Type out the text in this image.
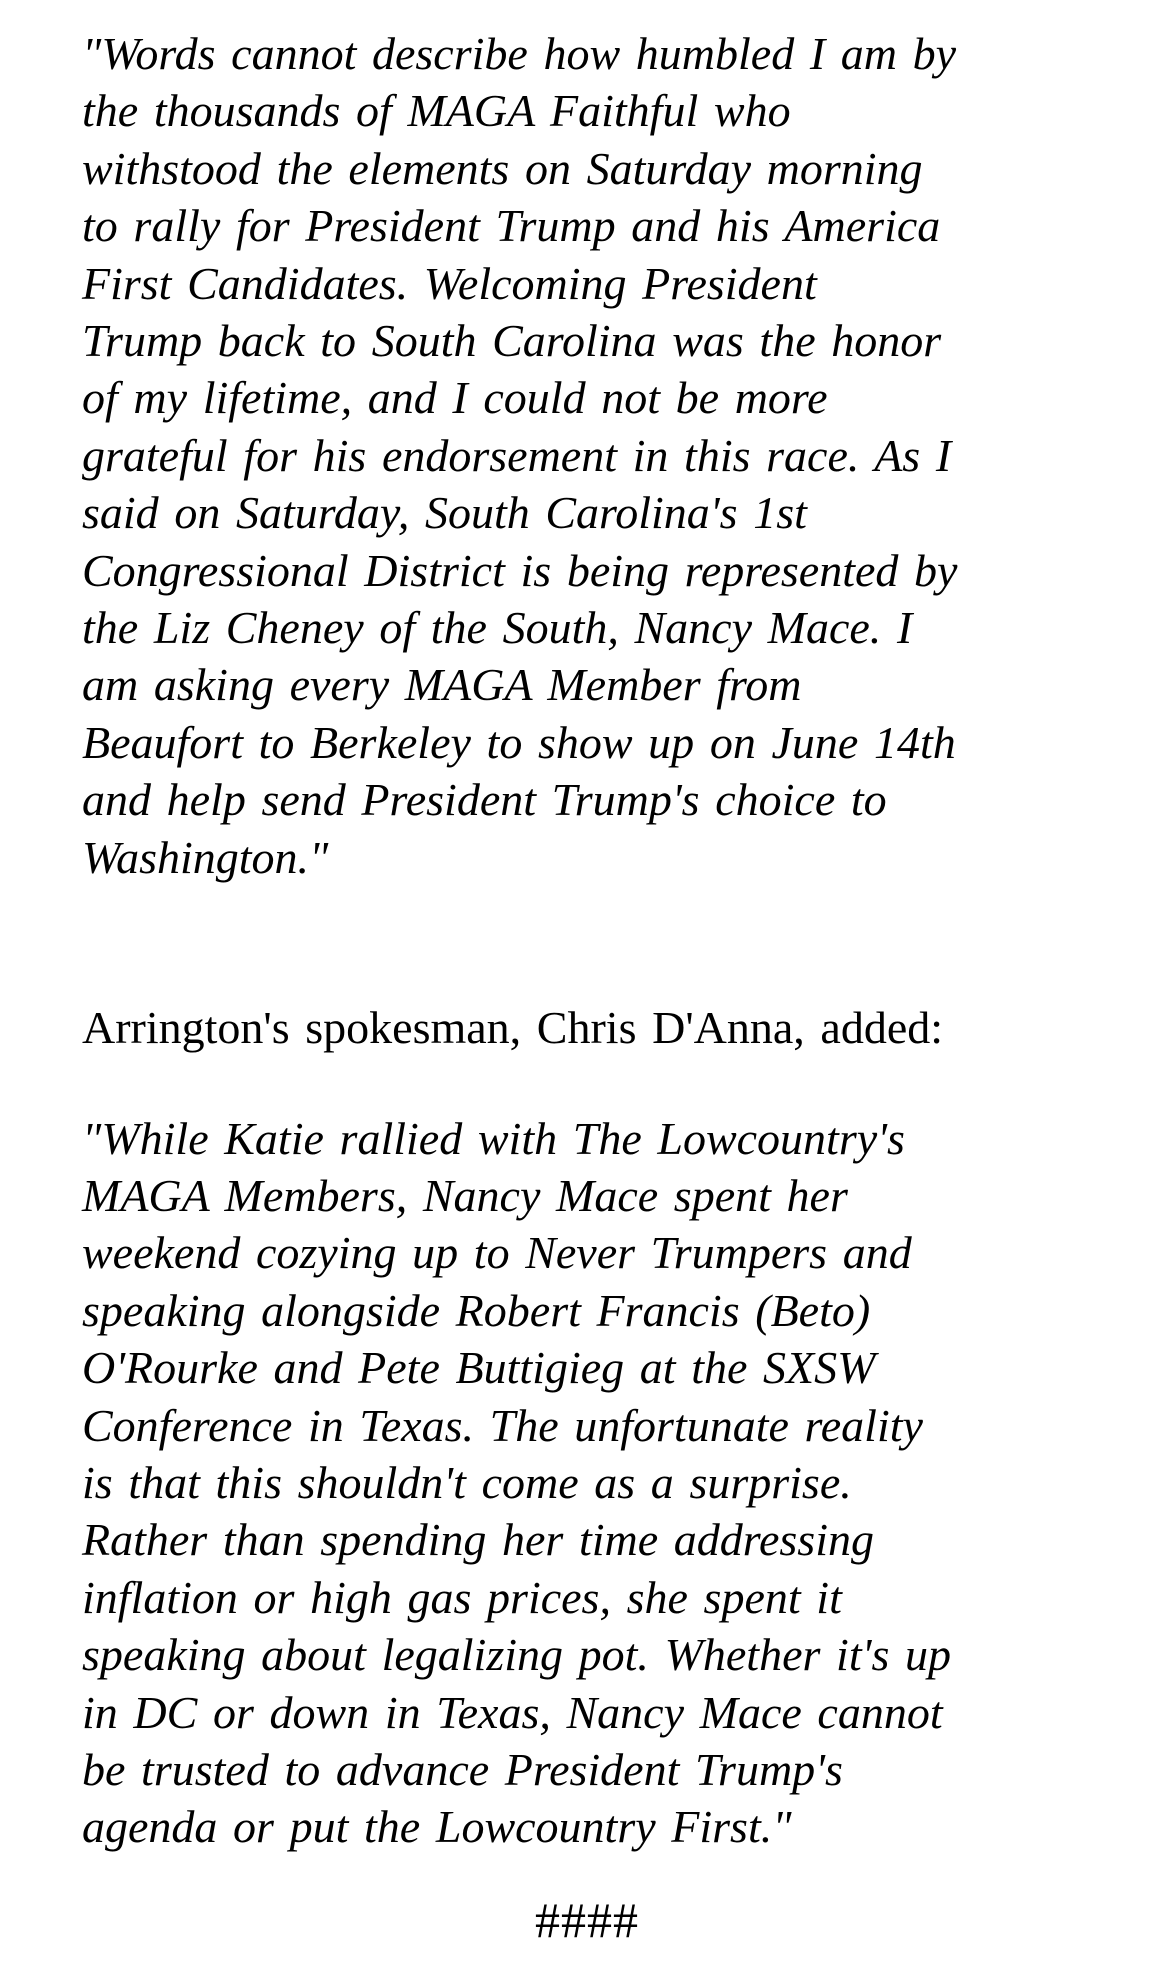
"Words cannot describe how humbled I am by
the thousands of MAGA Faithful who
withstood the elements on Saturday morning
to rally for President Trump and his America
First Candidates. Welcoming President
Trump back to South Carolina was the honor
of my lifetime, and I could not be more
grateful for his endorsement in this race. As I
said on Saturday, South Carolina's 1st
Congressional District is being represented by
the Liz Cheney of the South, Nancy Mace. I
am asking every MAGA Member from
Beaufort to Berkeley to show up on June 14th
and help send President Trump's choice to
Washington."
Arrington's spokesman, Chris D'Anna, added:
"While Katie rallied with The Lowcountry's
MAGA Members, Nancy Mace spent her
weekend cozying up to Never Trumpers and
speaking alongside Robert Francis (Beto)
O'Rourke and Pete Buttigieg at the SXSW
Conference in Texas. The unfortunate reality
is that this shouldn't come as a surprise.
Rather than spending her time addressing
inflation or high gas prices, she spent it
speaking about legalizing pot. Whether it's up
in DC or down in Texas, Nancy Mace cannot
be trusted to advance President Trump's
agenda or put the Lowcountry First."
####
